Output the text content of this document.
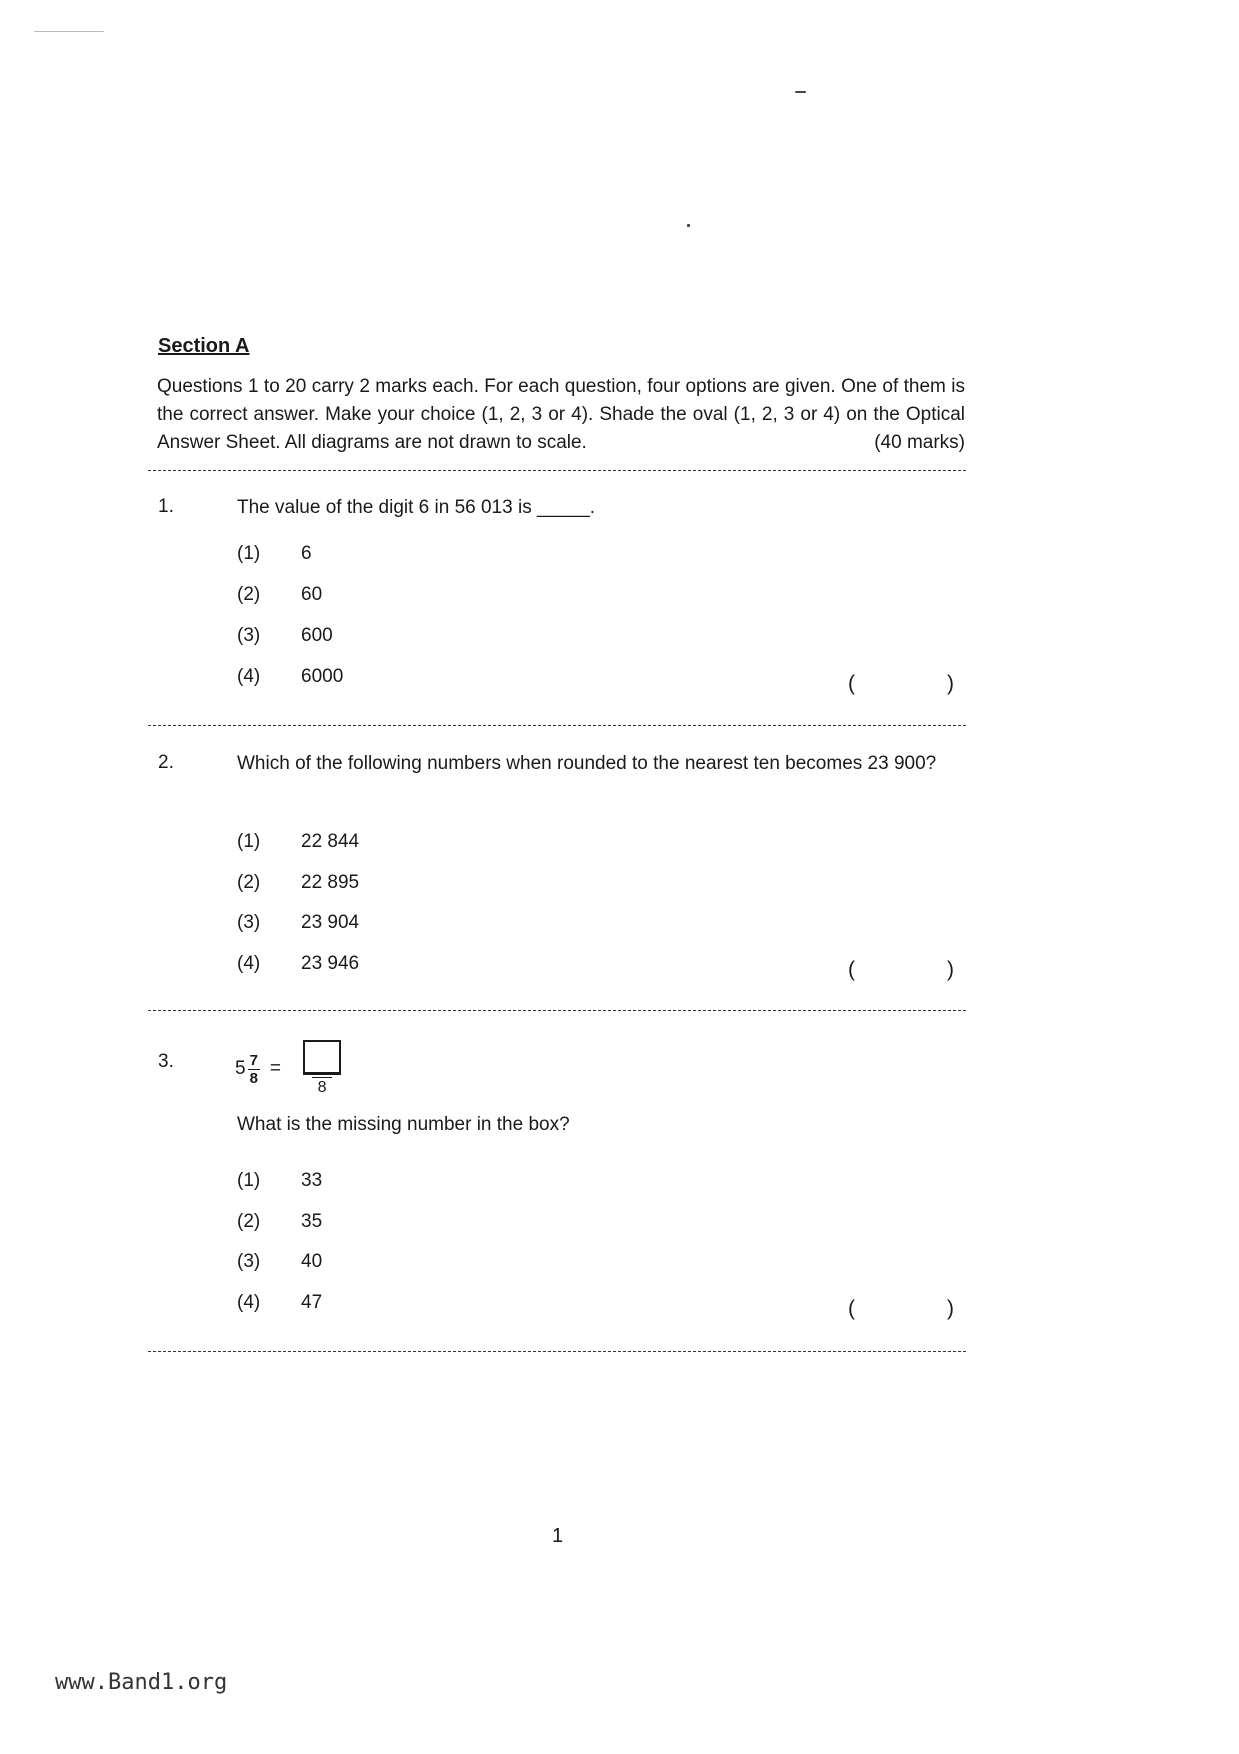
Section A
Questions 1 to 20 carry 2 marks each. For each question, four options are given. One of them is the correct answer. Make your choice (1, 2, 3 or 4). Shade the oval (1, 2, 3 or 4) on the Optical Answer Sheet. All diagrams are not drawn to scale.	(40 marks)
1.	The value of the digit 6 in 56 013 is _____.
(1) 6
(2) 60
(3) 600
(4) 6000	(	)
2.	Which of the following numbers when rounded to the nearest ten becomes 23 900?
(1) 22 844
(2) 22 895
(3) 23 904
(4) 23 946	(	)
3.	$5 \frac{7}{8}$ =
8
What is the missing number in the box?
(1) 33
(2) 35
(3) 40
(4) 47	(	)
1
www.Band1.org
